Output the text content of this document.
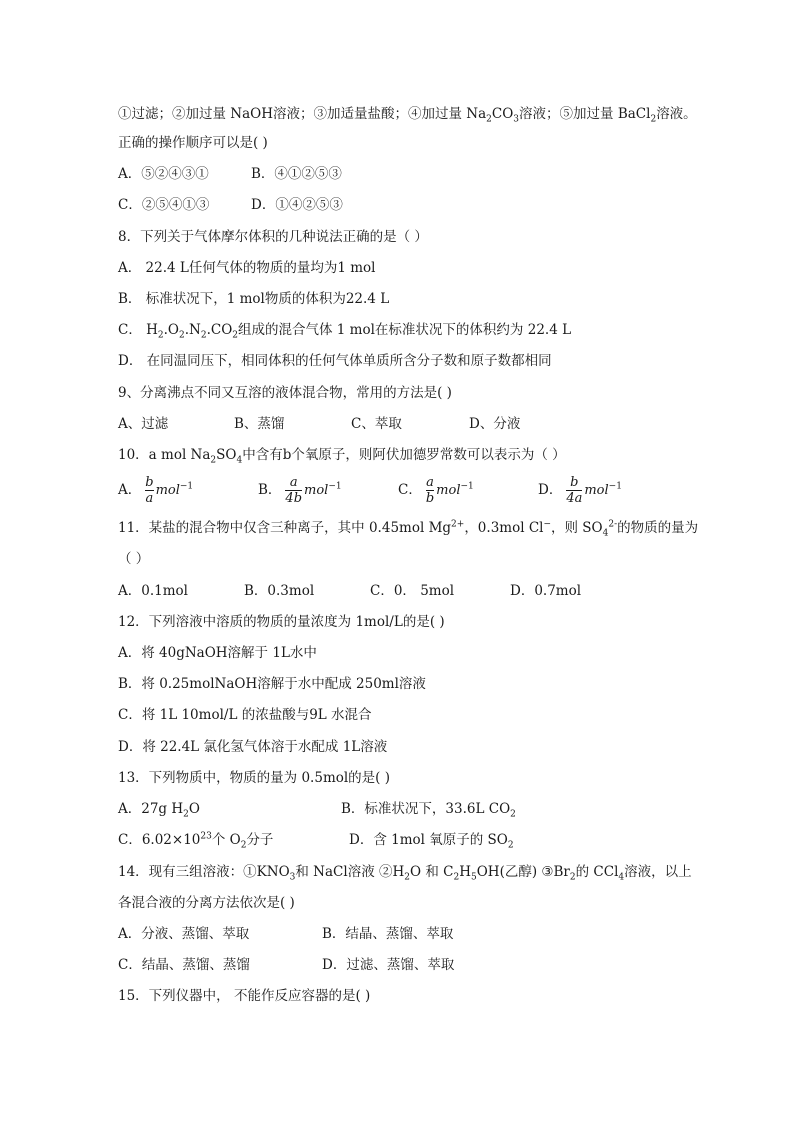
①过滤；②加过量 NaOH溶液；③加适量盐酸；④加过量 $Na_2CO_3$溶液；⑤加过量 BaCl$_2$溶液。
正确的操作顺序可以是( )
A．⑤②④③①	B．④①②⑤③
C．②⑤④①③	D．①④②⑤③
8．下列关于气体摩尔体积的几种说法正确的是（ ）
A． 22.4 L任何气体的物质的量均为1 mol
B． 标准状况下，1 mol物质的体积为22.4 L
C． $H_2.O_2.N_2.CO_2$组成的混合气体 1 mol在标准状况下的体积约为 22.4 L
D． 在同温同压下，相同体积的任何气体单质所含分子数和原子数都相同
9、分离沸点不同又互溶的液体混合物，常用的方法是( )
A、过滤	B、蒸馏	C、萃取	D、分液
10．a mol $Na_2SO_4$中含有b个氧原子，则阿伏加德罗常数可以表示为（ ）
A． $\frac{b}{a} mol^{-1}$	B． $\frac{a}{4b} mol^{-1}$	C． $\frac{a}{b} mol^{-1}$	D． $\frac{b}{4a} mol^{-1}$
11．某盐的混合物中仅含三种离子，其中 0.45mol $Mg^{2+}$，0.3mol Cl−，则 $SO_4^{2-}$的物质的量为
（ ）
A．0.1mol	B．0.3mol	C．0． 5mol	D．0.7mol
12．下列溶液中溶质的物质的量浓度为 1mol/L的是( )
A．将 40gNaOH溶解于 1L水中
B．将 0.25molNaOH溶解于水中配成 250ml溶液
C．将 1L 10mol/L 的浓盐酸与9L 水混合
D．将 22.4L 氯化氢气体溶于水配成 1L溶液
13．下列物质中，物质的量为 0.5mol的是( )
A．27g $H_2O$	B．标准状况下，33.6L $CO_2$
C．$6.02\times 10^{23}$个 $O_2$分子	D．含 1mol 氧原子的 $SO_2$
14．现有三组溶液：$①KNO_3$和 NaCl溶液 $②H_2O$ 和 $C_2H_5OH$(乙醇) $③Br_2$的 CCl$_4$溶液，以上
各混合液的分离方法依次是( )
A．分液、蒸馏、萃取	B．结晶、蒸馏、萃取
C．结晶、蒸馏、蒸馏	D．过滤、蒸馏、萃取
15．下列仪器中， 不能作反应容器的是( )
